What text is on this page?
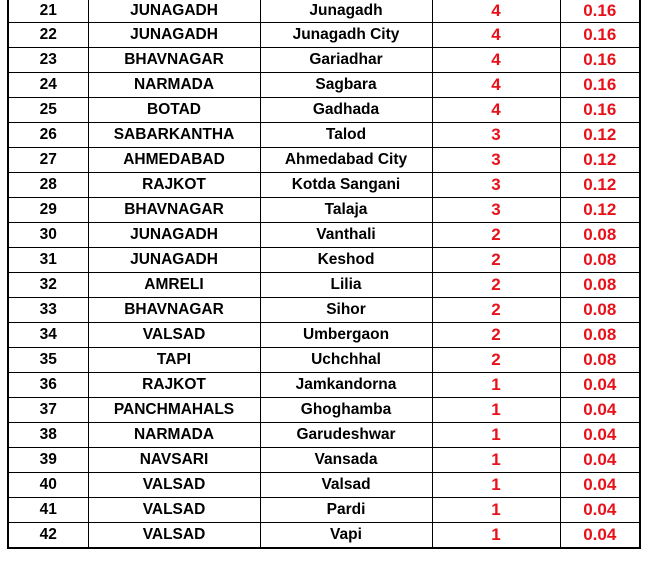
21	JUNAGADH	Junagadh	4	0.16
22	JUNAGADH	Junagadh City	4	0.16
23	BHAVNAGAR	Gariadhar	4	0.16
24	NARMADA	Sagbara	4	0.16
25	BOTAD	Gadhada	4	0.16
26	SABARKANTHA	Talod	3	0.12
27	AHMEDABAD	Ahmedabad City	3	0.12
28	RAJKOT	Kotda Sangani	3	0.12
29	BHAVNAGAR	Talaja	3	0.12
30	JUNAGADH	Vanthali	2	0.08
31	JUNAGADH	Keshod	2	0.08
32	AMRELI	Lilia	2	0.08
33	BHAVNAGAR	Sihor	2	0.08
34	VALSAD	Umbergaon	2	0.08
35	TAPI	Uchchhal	2	0.08
36	RAJKOT	Jamkandorna	1	0.04
37	PANCHMAHALS	Ghoghamba	1	0.04
38	NARMADA	Garudeshwar	1	0.04
39	NAVSARI	Vansada	1	0.04
40	VALSAD	Valsad	1	0.04
41	VALSAD	Pardi	1	0.04
42	VALSAD	Vapi	1	0.04
